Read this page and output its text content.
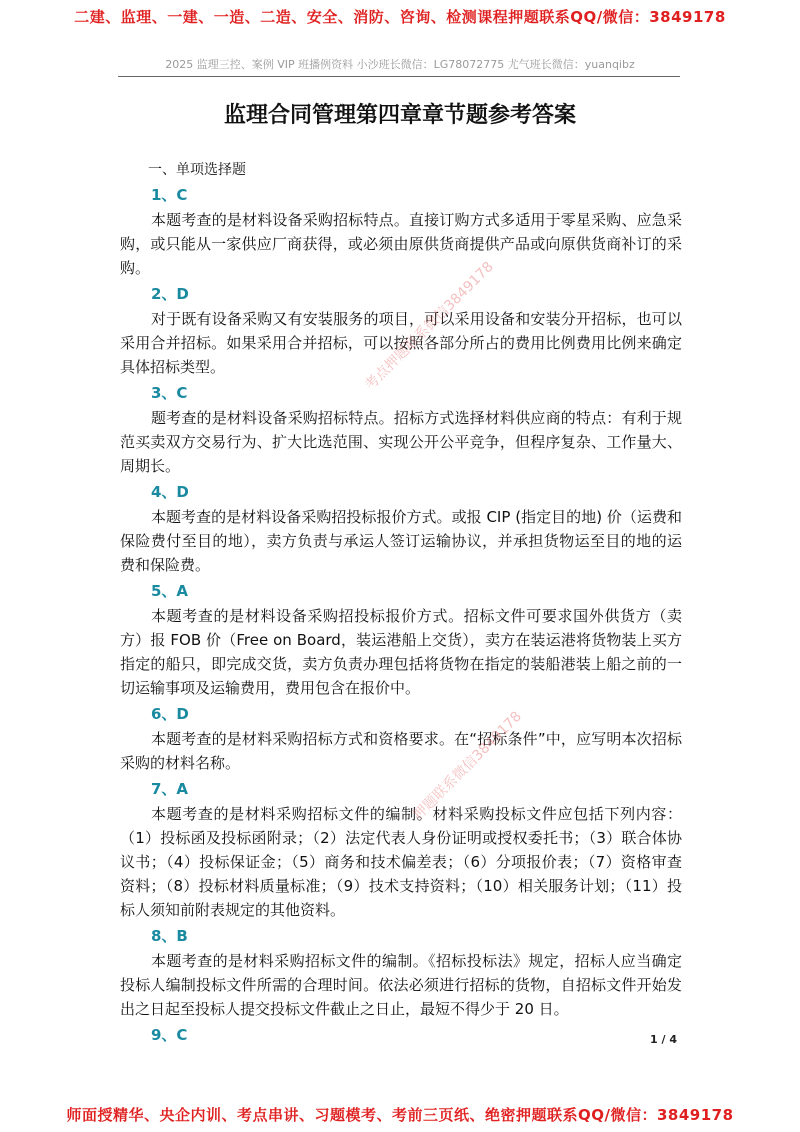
二建、监理、一建、一造、二造、安全、消防、咨询、检测课程押题联系QQ/微信：3849178
2025 监理三控、案例 VIP 班播例资料 小沙班长微信：LG78072775 尤气班长微信：yuanqibz
监理合同管理第四章章节题参考答案
一、单项选择题
1、C
本题考查的是材料设备采购招标特点。直接订购方式多适用于零星采购、应急采购，或只能从一家供应厂商获得，或必须由原供货商提供产品或向原供货商补订的采购。
2、D
对于既有设备采购又有安装服务的项目，可以采用设备和安装分开招标，也可以采用合并招标。如果采用合并招标，可以按照各部分所占的费用比例费用比例来确定具体招标类型。
3、C
题考查的是材料设备采购招标特点。招标方式选择材料供应商的特点：有利于规范买卖双方交易行为、扩大比选范围、实现公开公平竞争，但程序复杂、工作量大、周期长。
4、D
本题考查的是材料设备采购招投标报价方式。或报 CIP (指定目的地) 价（运费和保险费付至目的地），卖方负责与承运人签订运输协议，并承担货物运至目的地的运费和保险费。
5、A
本题考查的是材料设备采购招投标报价方式。招标文件可要求国外供货方（卖方）报 FOB 价（Free on Board，装运港船上交货），卖方在装运港将货物装上买方指定的船只，即完成交货，卖方负责办理包括将货物在指定的装船港装上船之前的一切运输事项及运输费用，费用包含在报价中。
6、D
本题考查的是材料采购招标方式和资格要求。在“招标条件”中，应写明本次招标采购的材料名称。
7、A
本题考查的是材料采购招标文件的编制。材料采购投标文件应包括下列内容：（1）投标函及投标函附录；（2）法定代表人身份证明或授权委托书；（3）联合体协议书；（4）投标保证金；（5）商务和技术偏差表；（6）分项报价表；（7）资格审查资料；（8）投标材料质量标准；（9）技术支持资料；（10）相关服务计划；（11）投标人须知前附表规定的其他资料。
8、B
本题考查的是材料采购招标文件的编制。《招标投标法》规定，招标人应当确定投标人编制投标文件所需的合理时间。依法必须进行招标的货物，自招标文件开始发出之日起至投标人提交投标文件截止之日止，最短不得少于 20 日。
9、C	1 / 4
考点押题联系微信3849178
押题联系微信3849178
师面授精华、央企内训、考点串讲、习题模考、考前三页纸、绝密押题联系QQ/微信：3849178
